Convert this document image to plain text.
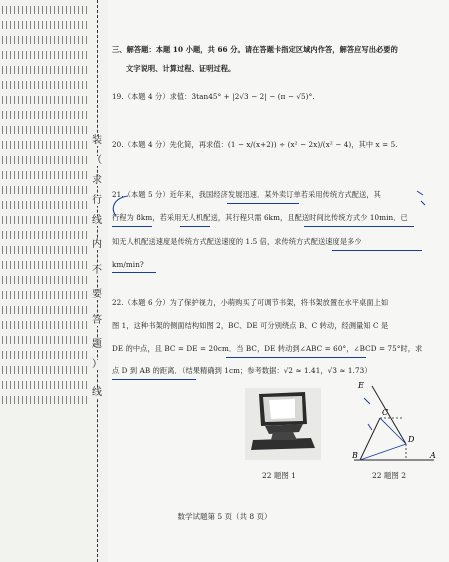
装
（
求
行
线
内
不
要
答
题
）
线
三、解答题：本题 10 小题，共 66 分。请在答题卡指定区域内作答，解答应写出必要的
文字说明、计算过程、证明过程。
19.（本题 4 分）求值：3tan45° + |2√3 − 2| − (π − √5)°.
20.（本题 4 分）先化简，再求值：(1 − x/(x+2)) ÷ (x² − 2x)/(x² − 4)，其中 x = 5.
21.（本题 5 分）近年来，我国经济发展迅速．某外卖订单若采用传统方式配送，其
行程为 8km，若采用无人机配送，其行程只需 6km，且配送时间比传统方式少 10min．已
知无人机配送速度是传统方式配送速度的 1.5 倍，求传统方式配送速度是多少
km/min?
22.（本题 6 分）为了保护视力，小萌购买了可调节书架，将书架放置在水平桌面上如
图 1，这种书架的侧面结构如图 2，BC、DE 可分别绕点 B、C 转动，经测量知 C 是
DE 的中点，且 BC = DE = 20cm．当 BC，DE 转动到∠ABC = 60°，∠BCD = 75°时，求
点 D 到 AB 的距离．（结果精确到 1cm；参考数据：√2 ≈ 1.41，√3 ≈ 1.73）
E
C
D
B	A
22 题图 1	22 题图 2
数学试题第 5 页（共 8 页）
